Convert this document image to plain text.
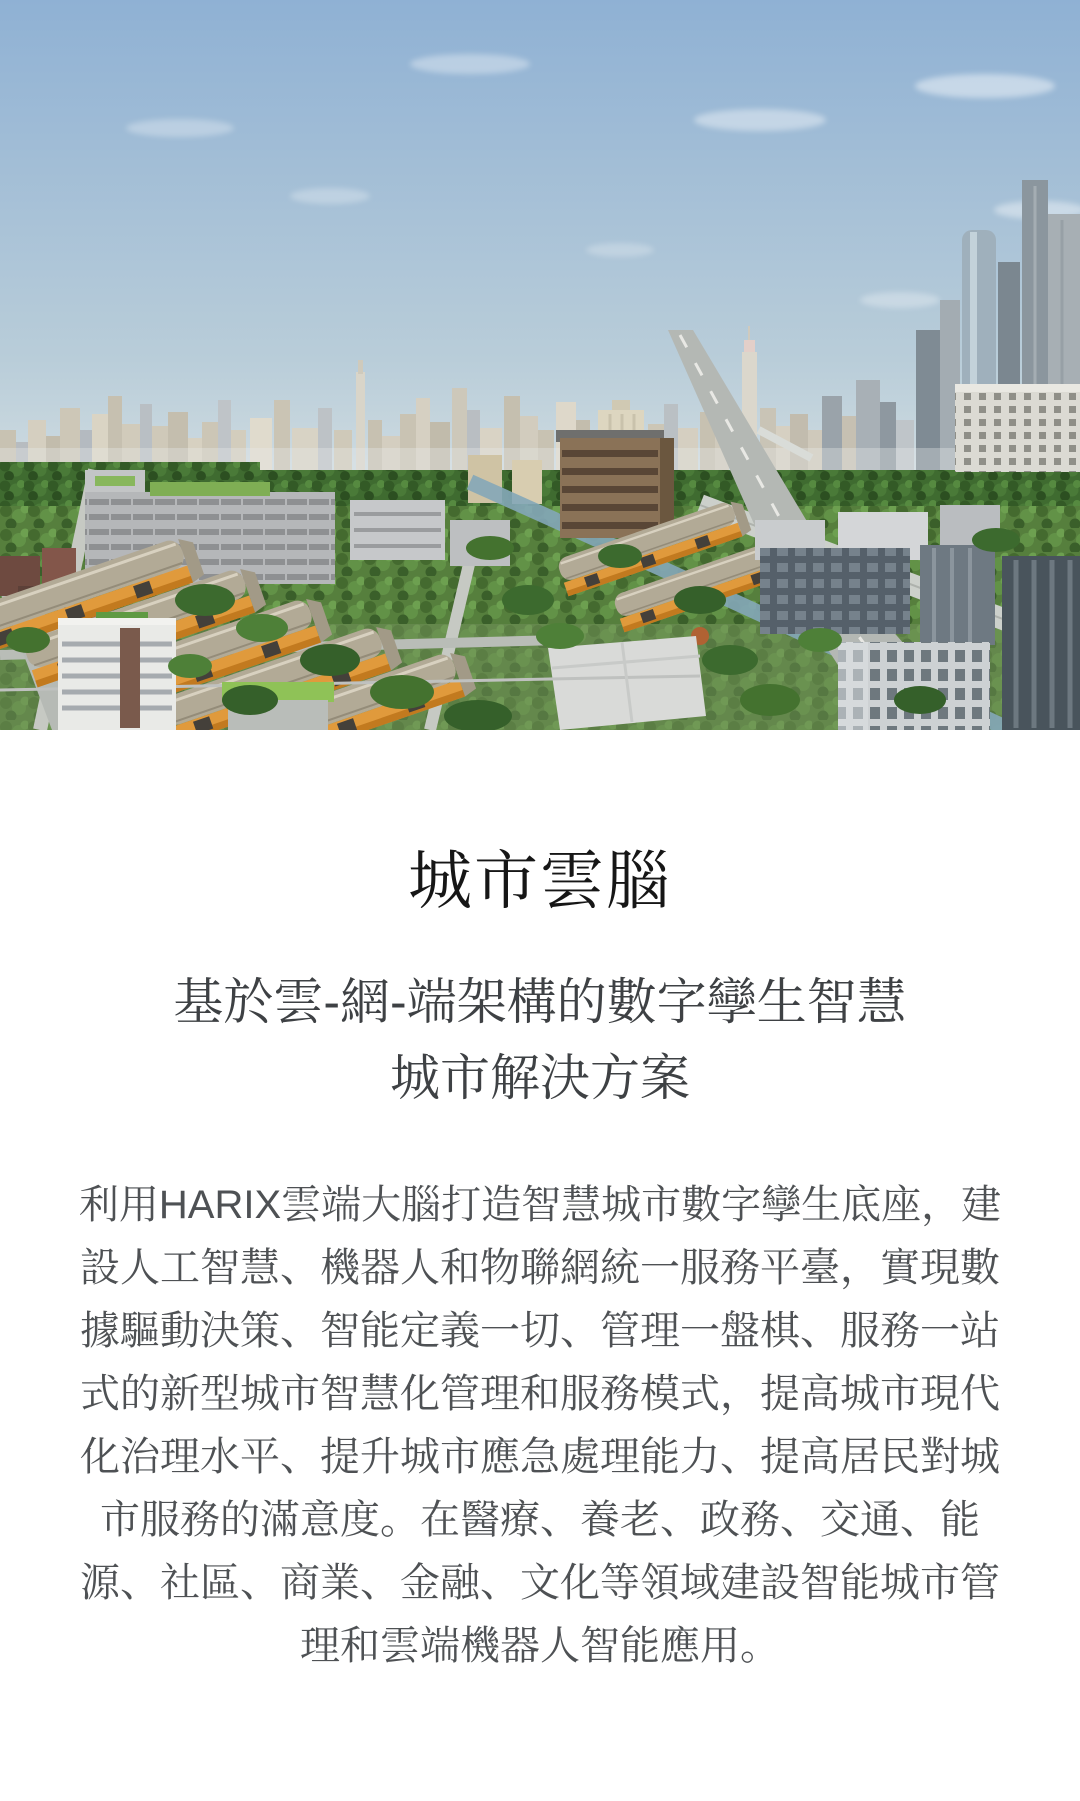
城市雲腦
基於雲-網-端架構的數字孿生智慧
城市解決方案

利用HARIX雲端大腦打造智慧城市數字孿生底座，建設人工智慧、機器人和物聯網統一服務平臺，實現數據驅動決策、智能定義一切、管理一盤棋、服務一站式的新型城市智慧化管理和服務模式，提高城市現代化治理水平、提升城市應急處理能力、提高居民對城市服務的滿意度。在醫療、養老、政務、交通、能源、社區、商業、金融、文化等領域建設智能城市管理和雲端機器人智能應用。
